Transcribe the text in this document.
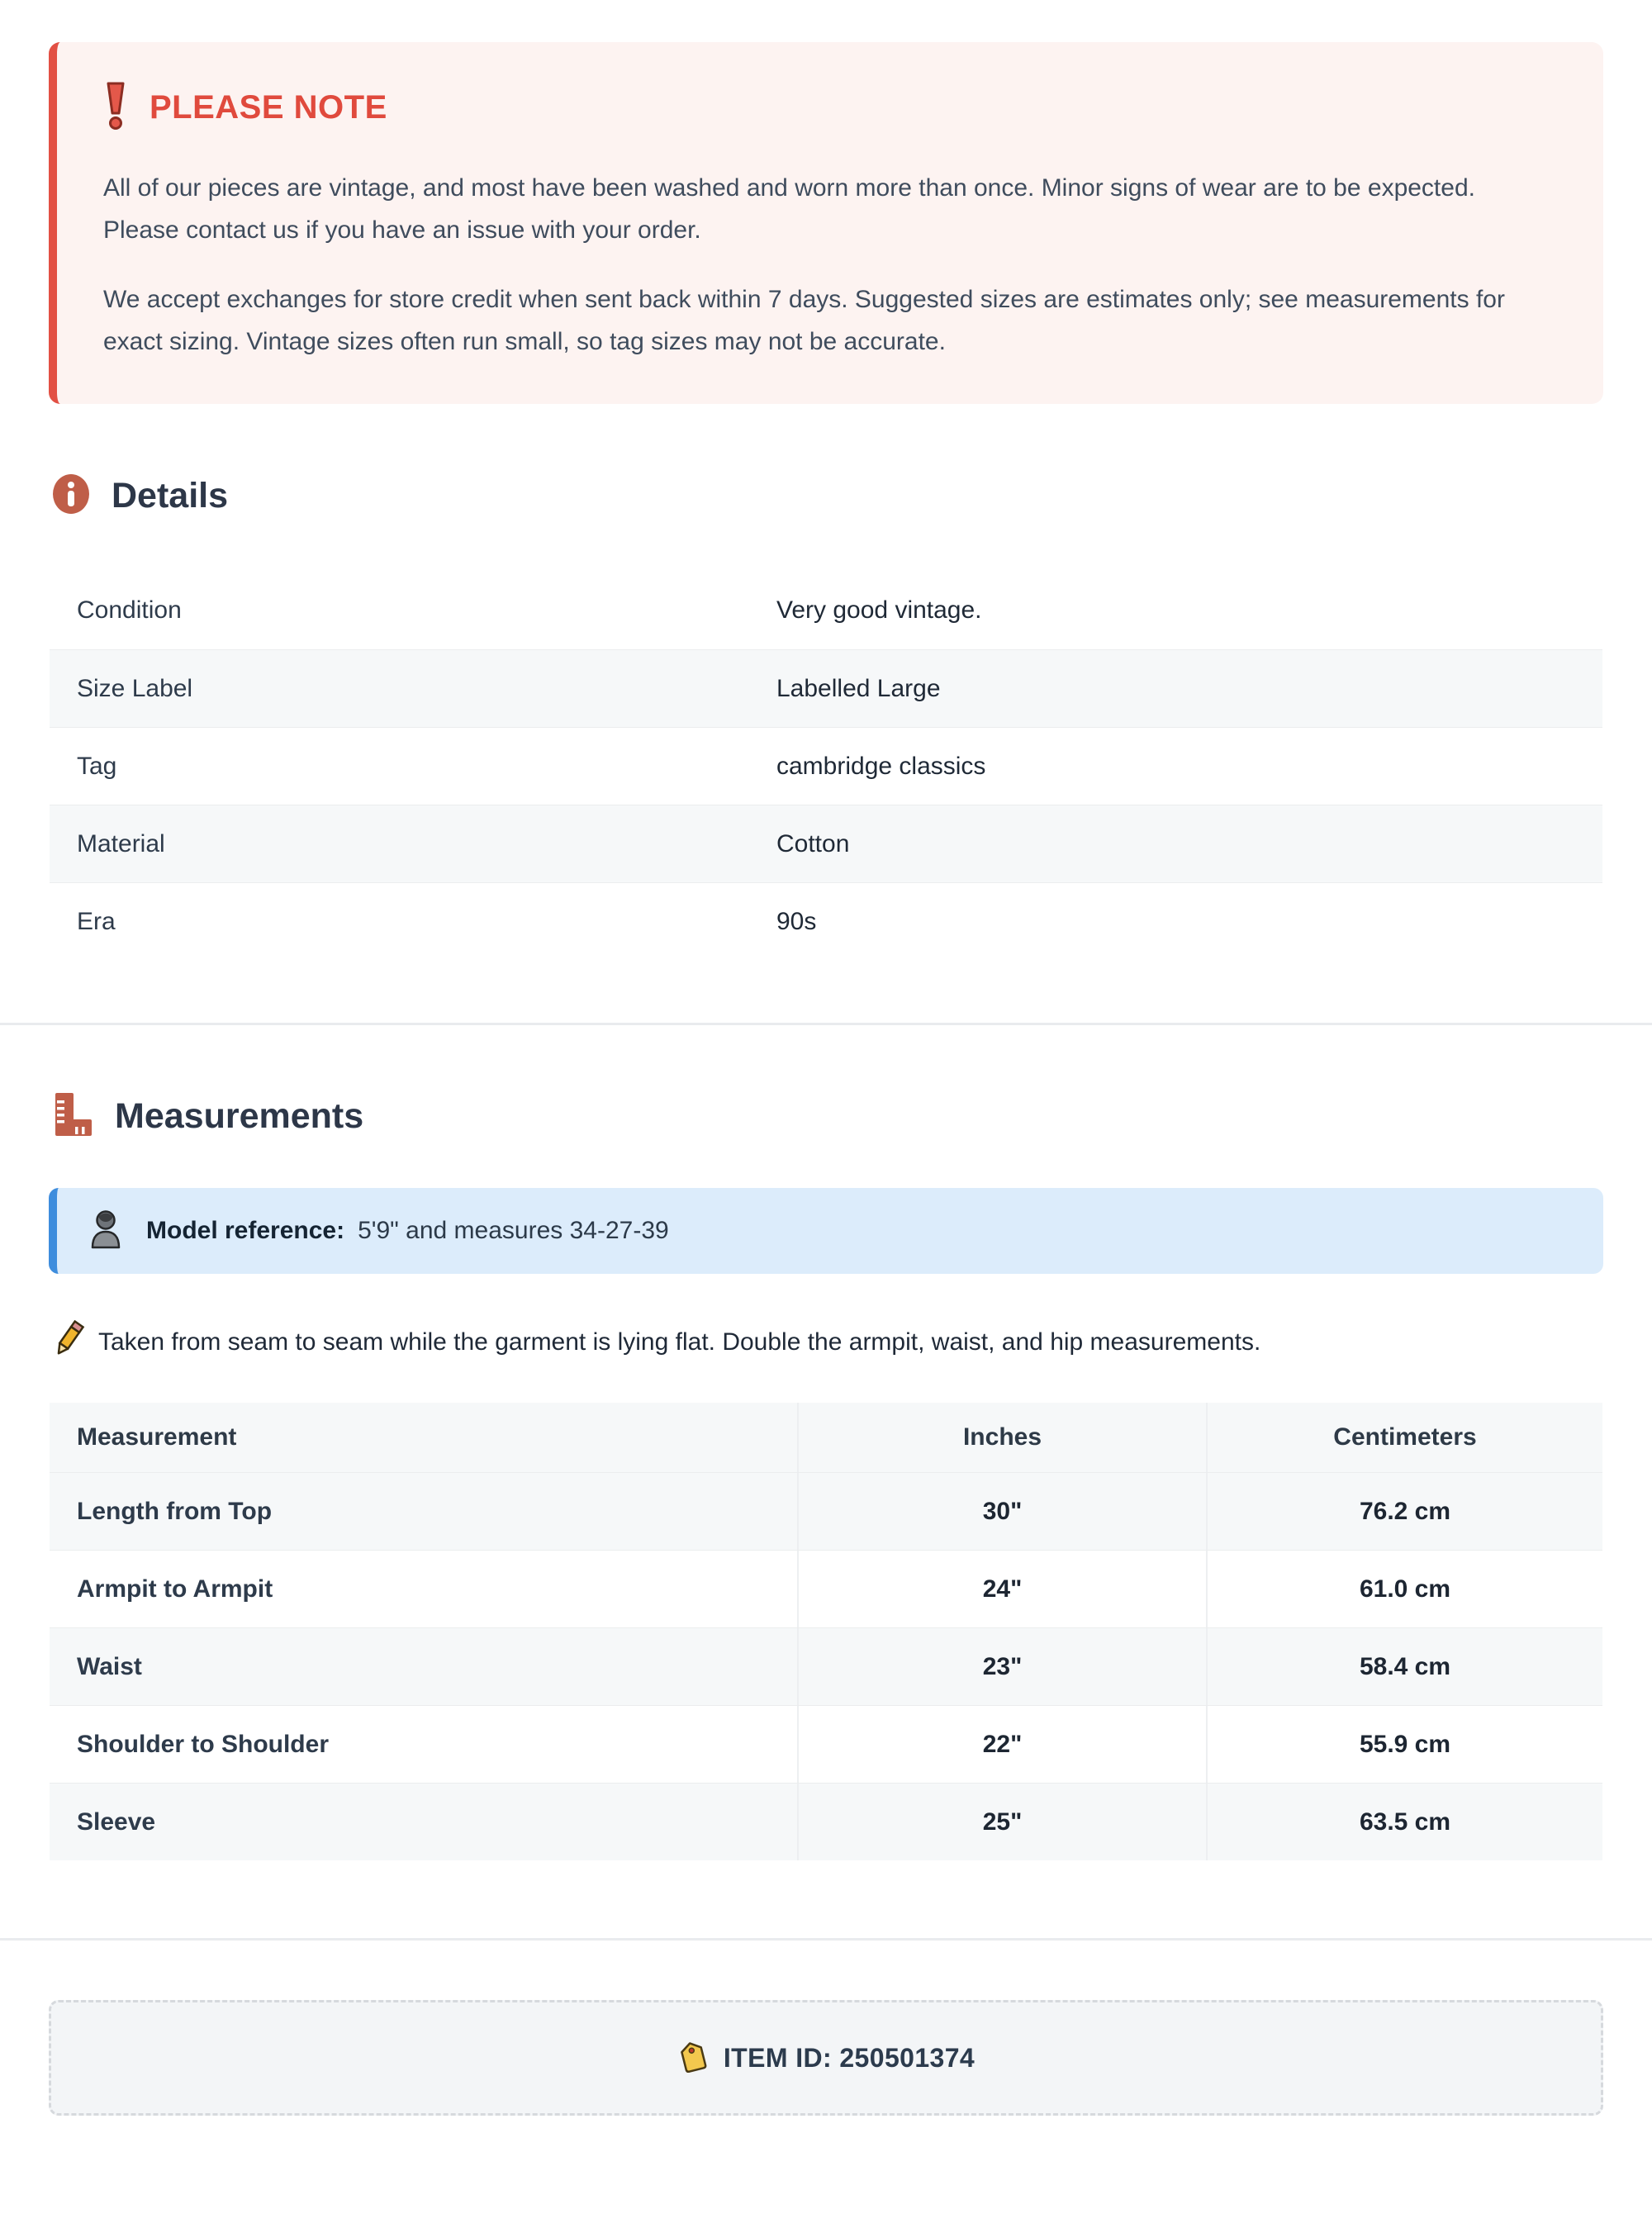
PLEASE NOTE

All of our pieces are vintage, and most have been washed and worn more than once. Minor signs of wear are to be expected. Please contact us if you have an issue with your order.

We accept exchanges for store credit when sent back within 7 days. Suggested sizes are estimates only; see measurements for exact sizing. Vintage sizes often run small, so tag sizes may not be accurate.

Details
Condition	Very good vintage.
Size Label	Labelled Large
Tag	cambridge classics
Material	Cotton
Era	90s
Measurements
Model reference: 5'9" and measures 34-27-39
Taken from seam to seam while the garment is lying flat. Double the armpit, waist, and hip measurements.
Measurement	Inches	Centimeters
Length from Top	30"	76.2 cm
Armpit to Armpit	24"	61.0 cm
Waist	23"	58.4 cm
Shoulder to Shoulder	22"	55.9 cm
Sleeve	25"	63.5 cm
ITEM ID: 250501374
